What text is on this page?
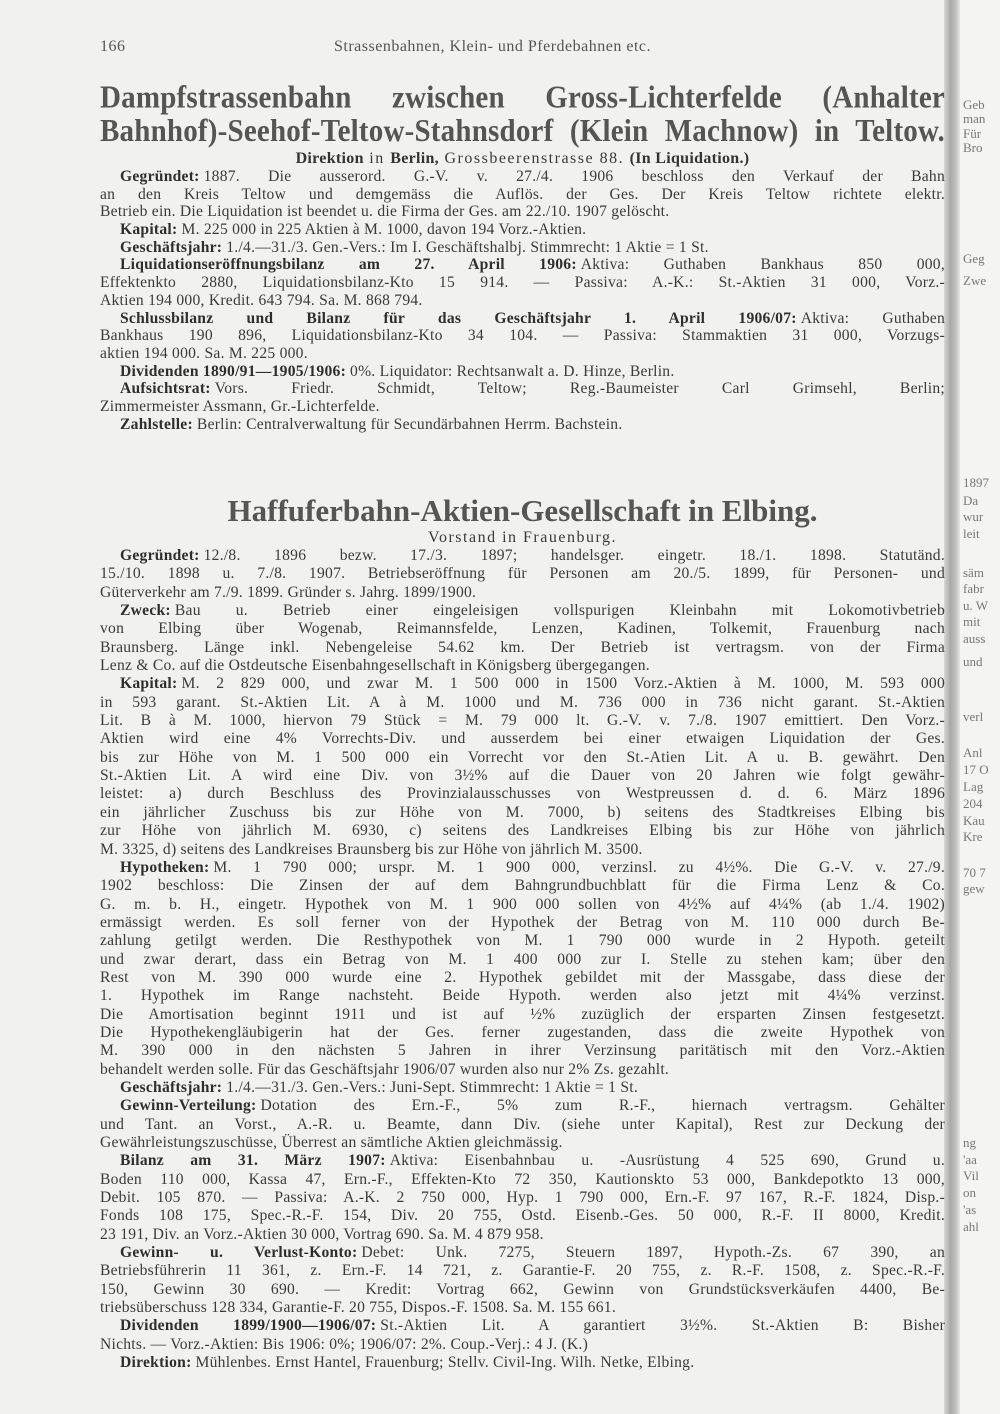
Geb
man
Für
Bro
Geg
Zwe
1897
Da
wur
leit
säm
fabr
u. W
mit
auss
und
verl
Anl
17 O
Lag
204
Kau
Kre
70 7
gew
ng
'aa
Vil
on
'as
ahl
166	Strassenbahnen, Klein- und Pferdebahnen etc.
Dampfstrassenbahn zwischen Gross-Lichterfelde (Anhalter
Bahnhof)-Seehof-Teltow-Stahnsdorf (Klein Machnow) in Teltow.
Direktion in Berlin, Grossbeerenstrasse 88. (In Liquidation.)
Gegründet: 1887. Die ausserord. G.-V. v. 27./4. 1906 beschloss den Verkauf der Bahn
an den Kreis Teltow und demgemäss die Auflös. der Ges. Der Kreis Teltow richtete elektr.
Betrieb ein. Die Liquidation ist beendet u. die Firma der Ges. am 22./10. 1907 gelöscht.
Kapital: M. 225 000 in 225 Aktien à M. 1000, davon 194 Vorz.-Aktien.
Geschäftsjahr: 1./4.—31./3. Gen.-Vers.: Im I. Geschäftshalbj. Stimmrecht: 1 Aktie = 1 St.
Liquidationseröffnungsbilanz am 27. April 1906: Aktiva: Guthaben Bankhaus 850 000,
Effektenkto 2880, Liquidationsbilanz-Kto 15 914. — Passiva: A.-K.: St.-Aktien 31 000, Vorz.-
Aktien 194 000, Kredit. 643 794. Sa. M. 868 794.
Schlussbilanz und Bilanz für das Geschäftsjahr 1. April 1906/07: Aktiva: Guthaben
Bankhaus 190 896, Liquidationsbilanz-Kto 34 104. — Passiva: Stammaktien 31 000, Vorzugs-
aktien 194 000. Sa. M. 225 000.
Dividenden 1890/91—1905/1906: 0%. Liquidator: Rechtsanwalt a. D. Hinze, Berlin.
Aufsichtsrat: Vors. Friedr. Schmidt, Teltow; Reg.-Baumeister Carl Grimsehl, Berlin;
Zimmermeister Assmann, Gr.-Lichterfelde.
Zahlstelle: Berlin: Centralverwaltung für Secundärbahnen Herrm. Bachstein.
Haffuferbahn-Aktien-Gesellschaft in Elbing.
Vorstand in Frauenburg.
Gegründet: 12./8. 1896 bezw. 17./3. 1897; handelsger. eingetr. 18./1. 1898. Statutänd.
15./10. 1898 u. 7./8. 1907. Betriebseröffnung für Personen am 20./5. 1899, für Personen- und
Güterverkehr am 7./9. 1899. Gründer s. Jahrg. 1899/1900.
Zweck: Bau u. Betrieb einer eingeleisigen vollspurigen Kleinbahn mit Lokomotivbetrieb
von Elbing über Wogenab, Reimannsfelde, Lenzen, Kadinen, Tolkemit, Frauenburg nach
Braunsberg. Länge inkl. Nebengeleise 54.62 km. Der Betrieb ist vertragsm. von der Firma
Lenz & Co. auf die Ostdeutsche Eisenbahngesellschaft in Königsberg übergegangen.
Kapital: M. 2 829 000, und zwar M. 1 500 000 in 1500 Vorz.-Aktien à M. 1000, M. 593 000
in 593 garant. St.-Aktien Lit. A à M. 1000 und M. 736 000 in 736 nicht garant. St.-Aktien
Lit. B à M. 1000, hiervon 79 Stück = M. 79 000 lt. G.-V. v. 7./8. 1907 emittiert. Den Vorz.-
Aktien wird eine 4% Vorrechts-Div. und ausserdem bei einer etwaigen Liquidation der Ges.
bis zur Höhe von M. 1 500 000 ein Vorrecht vor den St.-Atien Lit. A u. B. gewährt. Den
St.-Aktien Lit. A wird eine Div. von 3½% auf die Dauer von 20 Jahren wie folgt gewähr-
leistet: a) durch Beschluss des Provinzialausschusses von Westpreussen d. d. 6. März 1896
ein jährlicher Zuschuss bis zur Höhe von M. 7000, b) seitens des Stadtkreises Elbing bis
zur Höhe von jährlich M. 6930, c) seitens des Landkreises Elbing bis zur Höhe von jährlich
M. 3325, d) seitens des Landkreises Braunsberg bis zur Höhe von jährlich M. 3500.
Hypotheken: M. 1 790 000; urspr. M. 1 900 000, verzinsl. zu 4½%. Die G.-V. v. 27./9.
1902 beschloss: Die Zinsen der auf dem Bahngrundbuchblatt für die Firma Lenz & Co.
G. m. b. H., eingetr. Hypothek von M. 1 900 000 sollen von 4½% auf 4¼% (ab 1./4. 1902)
ermässigt werden. Es soll ferner von der Hypothek der Betrag von M. 110 000 durch Be-
zahlung getilgt werden. Die Resthypothek von M. 1 790 000 wurde in 2 Hypoth. geteilt
und zwar derart, dass ein Betrag von M. 1 400 000 zur I. Stelle zu stehen kam; über den
Rest von M. 390 000 wurde eine 2. Hypothek gebildet mit der Massgabe, dass diese der
1. Hypothek im Range nachsteht. Beide Hypoth. werden also jetzt mit 4¼% verzinst.
Die Amortisation beginnt 1911 und ist auf ½% zuzüglich der ersparten Zinsen festgesetzt.
Die Hypothekengläubigerin hat der Ges. ferner zugestanden, dass die zweite Hypothek von
M. 390 000 in den nächsten 5 Jahren in ihrer Verzinsung paritätisch mit den Vorz.-Aktien
behandelt werden solle. Für das Geschäftsjahr 1906/07 wurden also nur 2% Zs. gezahlt.
Geschäftsjahr: 1./4.—31./3. Gen.-Vers.: Juni-Sept. Stimmrecht: 1 Aktie = 1 St.
Gewinn-Verteilung: Dotation des Ern.-F., 5% zum R.-F., hiernach vertragsm. Gehälter
und Tant. an Vorst., A.-R. u. Beamte, dann Div. (siehe unter Kapital), Rest zur Deckung der
Gewährleistungszuschüsse, Überrest an sämtliche Aktien gleichmässig.
Bilanz am 31. März 1907: Aktiva: Eisenbahnbau u. -Ausrüstung 4 525 690, Grund u.
Boden 110 000, Kassa 47, Ern.-F., Effekten-Kto 72 350, Kautionskto 53 000, Bankdepotkto 13 000,
Debit. 105 870. — Passiva: A.-K. 2 750 000, Hyp. 1 790 000, Ern.-F. 97 167, R.-F. 1824, Disp.-
Fonds 108 175, Spec.-R.-F. 154, Div. 20 755, Ostd. Eisenb.-Ges. 50 000, R.-F. II 8000, Kredit.
23 191, Div. an Vorz.-Aktien 30 000, Vortrag 690. Sa. M. 4 879 958.
Gewinn- u. Verlust-Konto: Debet: Unk. 7275, Steuern 1897, Hypoth.-Zs. 67 390, an
Betriebsführerin 11 361, z. Ern.-F. 14 721, z. Garantie-F. 20 755, z. R.-F. 1508, z. Spec.-R.-F.
150, Gewinn 30 690. — Kredit: Vortrag 662, Gewinn von Grundstücksverkäufen 4400, Be-
triebsüberschuss 128 334, Garantie-F. 20 755, Dispos.-F. 1508. Sa. M. 155 661.
Dividenden 1899/1900—1906/07: St.-Aktien Lit. A garantiert 3½%. St.-Aktien B: Bisher
Nichts. — Vorz.-Aktien: Bis 1906: 0%; 1906/07: 2%. Coup.-Verj.: 4 J. (K.)
Direktion: Mühlenbes. Ernst Hantel, Frauenburg; Stellv. Civil-Ing. Wilh. Netke, Elbing.
